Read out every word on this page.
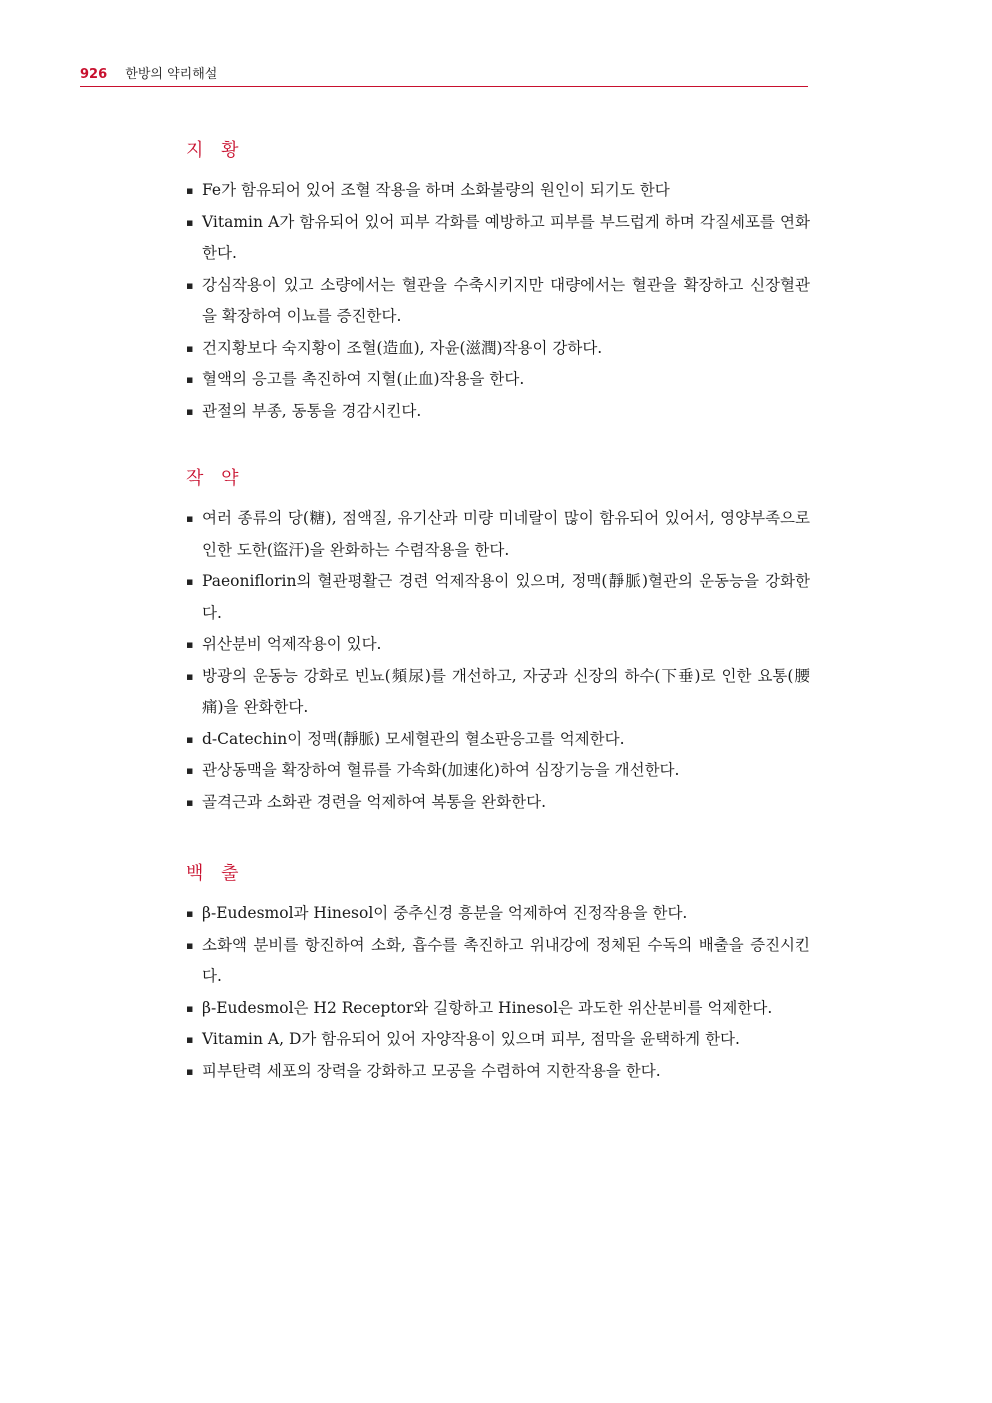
926 한방의 약리해설
지 황
▪ Fe가 함유되어 있어 조혈 작용을 하며 소화불량의 원인이 되기도 한다
▪ Vitamin A가 함유되어 있어 피부 각화를 예방하고 피부를 부드럽게 하며 각질세포를 연화한다.
▪ 강심작용이 있고 소량에서는 혈관을 수축시키지만 대량에서는 혈관을 확장하고 신장혈관을 확장하여 이뇨를 증진한다.
▪ 건지황보다 숙지황이 조혈(造血), 자윤(滋潤)작용이 강하다.
▪ 혈액의 응고를 촉진하여 지혈(止血)작용을 한다.
▪ 관절의 부종, 동통을 경감시킨다.
작 약
▪ 여러 종류의 당(糖), 점액질, 유기산과 미량 미네랄이 많이 함유되어 있어서, 영양부족으로 인한 도한(盜汗)을 완화하는 수렴작용을 한다.
▪ Paeoniflorin의 혈관평활근 경련 억제작용이 있으며, 정맥(靜脈)혈관의 운동능을 강화한다.
▪ 위산분비 억제작용이 있다.
▪ 방광의 운동능 강화로 빈뇨(頻尿)를 개선하고, 자궁과 신장의 하수(下垂)로 인한 요통(腰痛)을 완화한다.
▪ d-Catechin이 정맥(靜脈) 모세혈관의 혈소판응고를 억제한다.
▪ 관상동맥을 확장하여 혈류를 가속화(加速化)하여 심장기능을 개선한다.
▪ 골격근과 소화관 경련을 억제하여 복통을 완화한다.
백 출
▪ β-Eudesmol과 Hinesol이 중추신경 흥분을 억제하여 진정작용을 한다.
▪ 소화액 분비를 항진하여 소화, 흡수를 촉진하고 위내강에 정체된 수독의 배출을 증진시킨다.
▪ β-Eudesmol은 H2 Receptor와 길항하고 Hinesol은 과도한 위산분비를 억제한다.
▪ Vitamin A, D가 함유되어 있어 자양작용이 있으며 피부, 점막을 윤택하게 한다.
▪ 피부탄력 세포의 장력을 강화하고 모공을 수렴하여 지한작용을 한다.
